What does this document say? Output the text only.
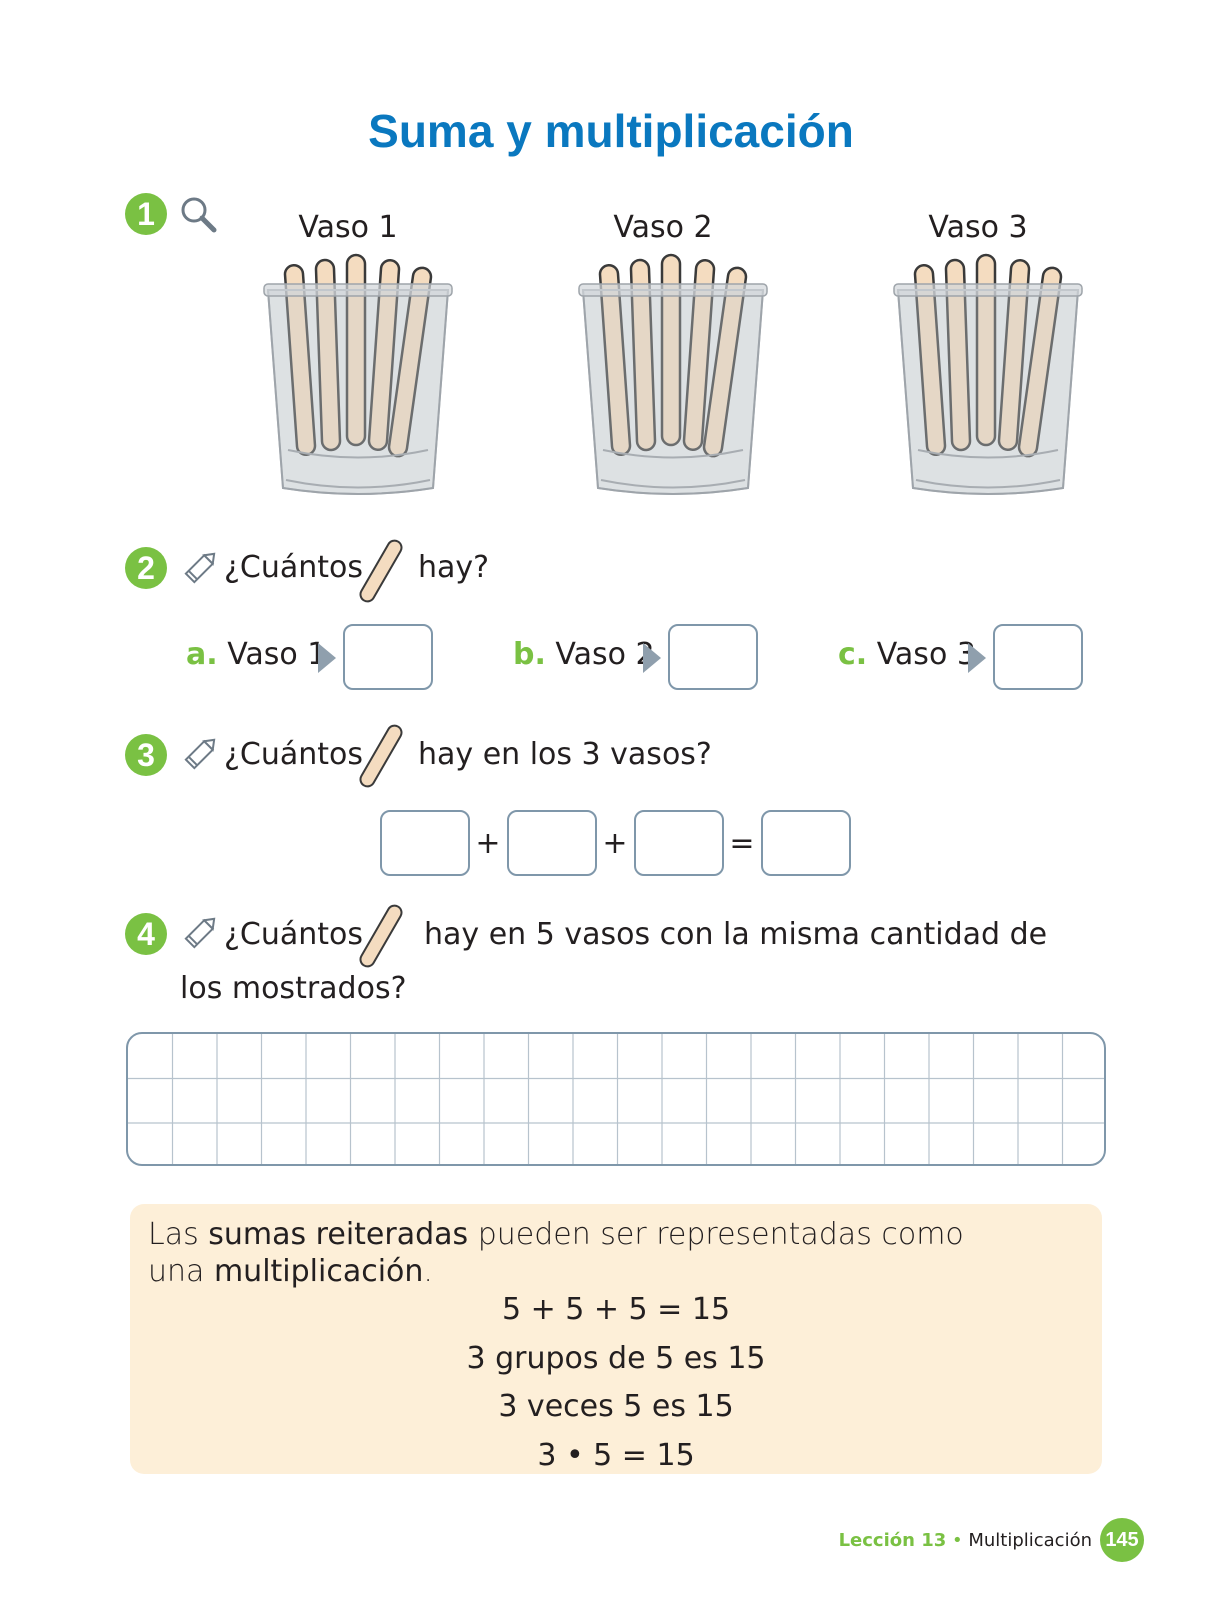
Suma y multiplicación
1	Vaso 1	Vaso 2	Vaso 3
2	¿Cuántos hay?
a. Vaso 1	b. Vaso 2	c. Vaso 3
3	¿Cuántos hay en los 3 vasos?
+	+	=
4	¿Cuántos hay en 5 vasos con la misma cantidad de
los mostrados?
Las sumas reiteradas pueden ser representadas como
una multiplicación.
5 + 5 + 5 = 15
3 grupos de 5 es 15
3 veces 5 es 15
3 • 5 = 15
Lección 13 • Multiplicación 145
